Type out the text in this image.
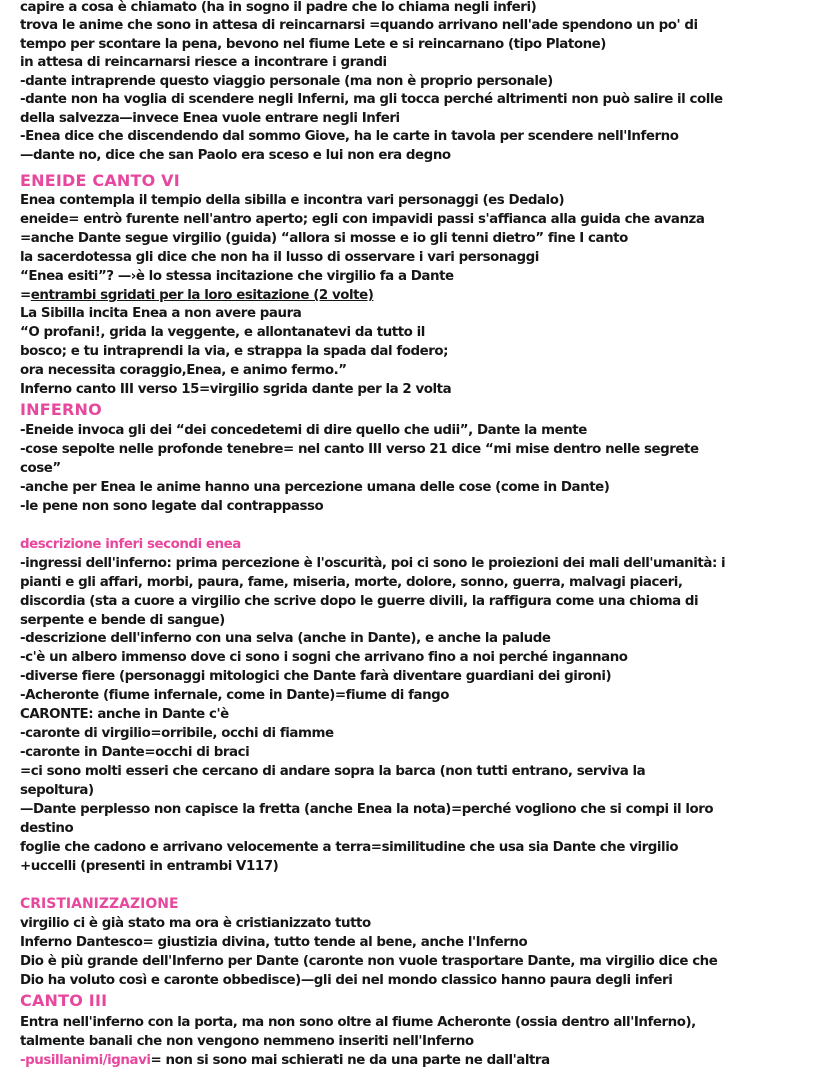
capire a cosa è chiamato (ha in sogno il padre che lo chiama negli inferi)
trova le anime che sono in attesa di reincarnarsi =quando arrivano nell'ade spendono un po' di
tempo per scontare la pena, bevono nel fiume Lete e si reincarnano (tipo Platone)
in attesa di reincarnarsi riesce a incontrare i grandi
-dante intraprende questo viaggio personale (ma non è proprio personale)
-dante non ha voglia di scendere negli Inferni, ma gli tocca perché altrimenti non può salire il colle
della salvezza—invece Enea vuole entrare negli Inferi
-Enea dice che discendendo dal sommo Giove, ha le carte in tavola per scendere nell'Inferno
—dante no, dice che san Paolo era sceso e lui non era degno
ENEIDE CANTO VI
Enea contempla il tempio della sibilla e incontra vari personaggi (es Dedalo)
eneide= entrò furente nell'antro aperto; egli con impavidi passi s'affianca alla guida che avanza
=anche Dante segue virgilio (guida) “allora si mosse e io gli tenni dietro” fine I canto
la sacerdotessa gli dice che non ha il lusso di osservare i vari personaggi
“Enea esiti”? —›è lo stessa incitazione che virgilio fa a Dante
=entrambi sgridati per la loro esitazione (2 volte)
La Sibilla incita Enea a non avere paura
“O profani!, grida la veggente, e allontanatevi da tutto il
bosco; e tu intraprendi la via, e strappa la spada dal fodero;
ora necessita coraggio,Enea, e animo fermo.”
Inferno canto III verso 15=virgilio sgrida dante per la 2 volta
INFERNO
-Eneide invoca gli dei “dei concedetemi di dire quello che udii”, Dante la mente
-cose sepolte nelle profonde tenebre= nel canto III verso 21 dice “mi mise dentro nelle segrete
cose”
-anche per Enea le anime hanno una percezione umana delle cose (come in Dante)
-le pene non sono legate dal contrappasso
descrizione inferi secondi enea
-ingressi dell'inferno: prima percezione è l'oscurità, poi ci sono le proiezioni dei mali dell'umanità: i
pianti e gli affari, morbi, paura, fame, miseria, morte, dolore, sonno, guerra, malvagi piaceri,
discordia (sta a cuore a virgilio che scrive dopo le guerre divili, la raffigura come una chioma di
serpente e bende di sangue)
-descrizione dell'inferno con una selva (anche in Dante), e anche la palude
-c'è un albero immenso dove ci sono i sogni che arrivano fino a noi perché ingannano
-diverse fiere (personaggi mitologici che Dante farà diventare guardiani dei gironi)
-Acheronte (fiume infernale, come in Dante)=fiume di fango
CARONTE: anche in Dante c'è
-caronte di virgilio=orribile, occhi di fiamme
-caronte in Dante=occhi di braci
=ci sono molti esseri che cercano di andare sopra la barca (non tutti entrano, serviva la
sepoltura)
—Dante perplesso non capisce la fretta (anche Enea la nota)=perché vogliono che si compi il loro
destino
foglie che cadono e arrivano velocemente a terra=similitudine che usa sia Dante che virgilio
+uccelli (presenti in entrambi V117)
CRISTIANIZZAZIONE
virgilio ci è già stato ma ora è cristianizzato tutto
Inferno Dantesco= giustizia divina, tutto tende al bene, anche l'Inferno
Dio è più grande dell'Inferno per Dante (caronte non vuole trasportare Dante, ma virgilio dice che
Dio ha voluto così e caronte obbedisce)—gli dei nel mondo classico hanno paura degli inferi
CANTO III
Entra nell'inferno con la porta, ma non sono oltre al fiume Acheronte (ossia dentro all'Inferno),
talmente banali che non vengono nemmeno inseriti nell'Inferno
-pusillanimi/ignavi= non si sono mai schierati ne da una parte ne dall'altra
